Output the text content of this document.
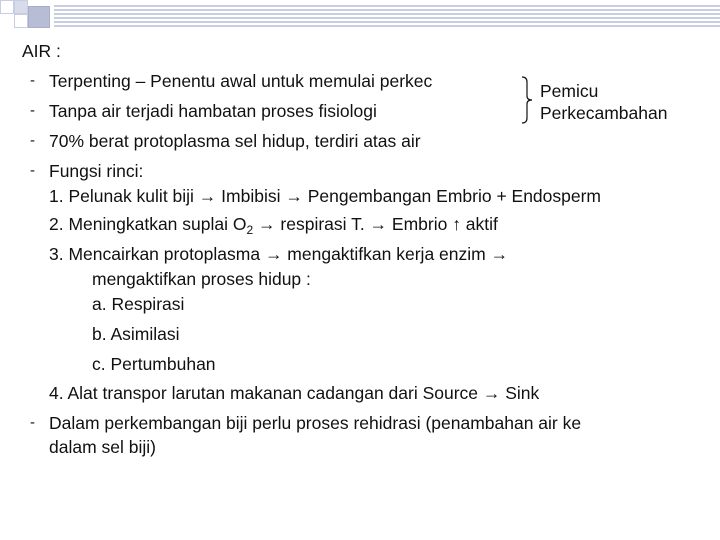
AIR :
- Terpenting – Penentu awal untuk memulai perkec
- Tanpa air terjadi hambatan proses fisiologi
- 70% berat protoplasma sel hidup, terdiri atas air
- Fungsi rinci:
Pemicu
Perkecambahan
1. Pelunak kulit biji → Imbibisi → Pengembangan Embrio + Endosperm
2. Meningkatkan suplai $O_2$ → respirasi T. → Embrio ↑ aktif
3. Mencairkan protoplasma → mengaktifkan kerja enzim →
mengaktifkan proses hidup :
a. Respirasi
b. Asimilasi
c. Pertumbuhan
4. Alat transpor larutan makanan cadangan dari Source → Sink
- Dalam perkembangan biji perlu proses rehidrasi (penambahan air ke
dalam sel biji)
